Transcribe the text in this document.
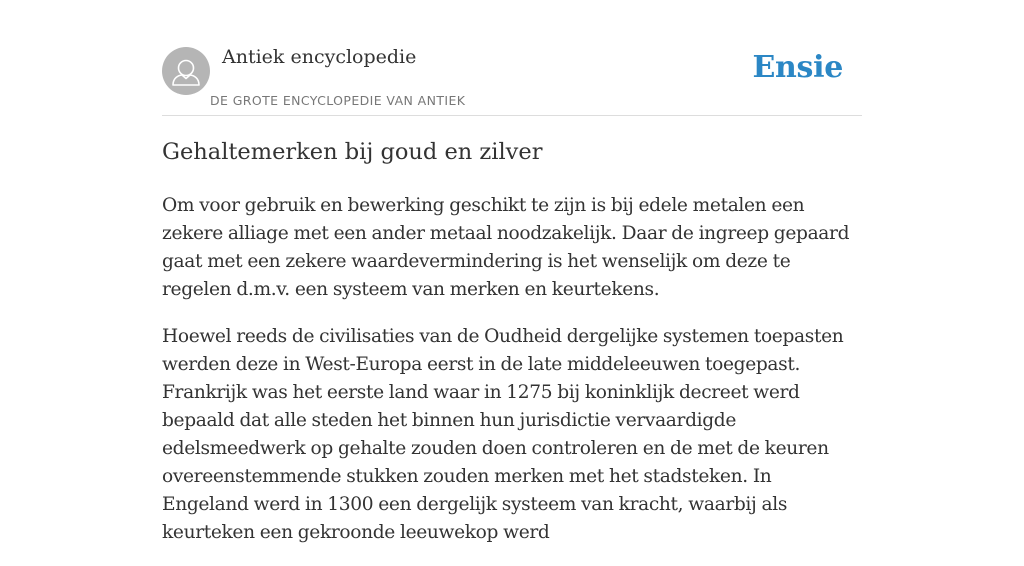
Antiek encyclopedie
DE GROTE ENCYCLOPEDIE VAN ANTIEK
Ensie
Gehaltemerken bij goud en zilver

Om voor gebruik en bewerking geschikt te zijn is bij edele metalen een zekere alliage met een ander metaal noodzakelijk. Daar de ingreep gepaard gaat met een zekere waardevermindering is het wenselijk om deze te regelen d.m.v. een systeem van merken en keurtekens.

Hoewel reeds de civilisaties van de Oudheid dergelijke systemen toepasten werden deze in West-Europa eerst in de late middeleeuwen toegepast. Frankrijk was het eerste land waar in 1275 bij koninklijk decreet werd bepaald dat alle steden het binnen hun jurisdictie vervaardigde edelsmeedwerk op gehalte zouden doen controleren en de met de keuren overeenstemmende stukken zouden merken met het stadsteken. In Engeland werd in 1300 een dergelijk systeem van kracht, waarbij als keurteken een gekroonde leeuwekop werd
